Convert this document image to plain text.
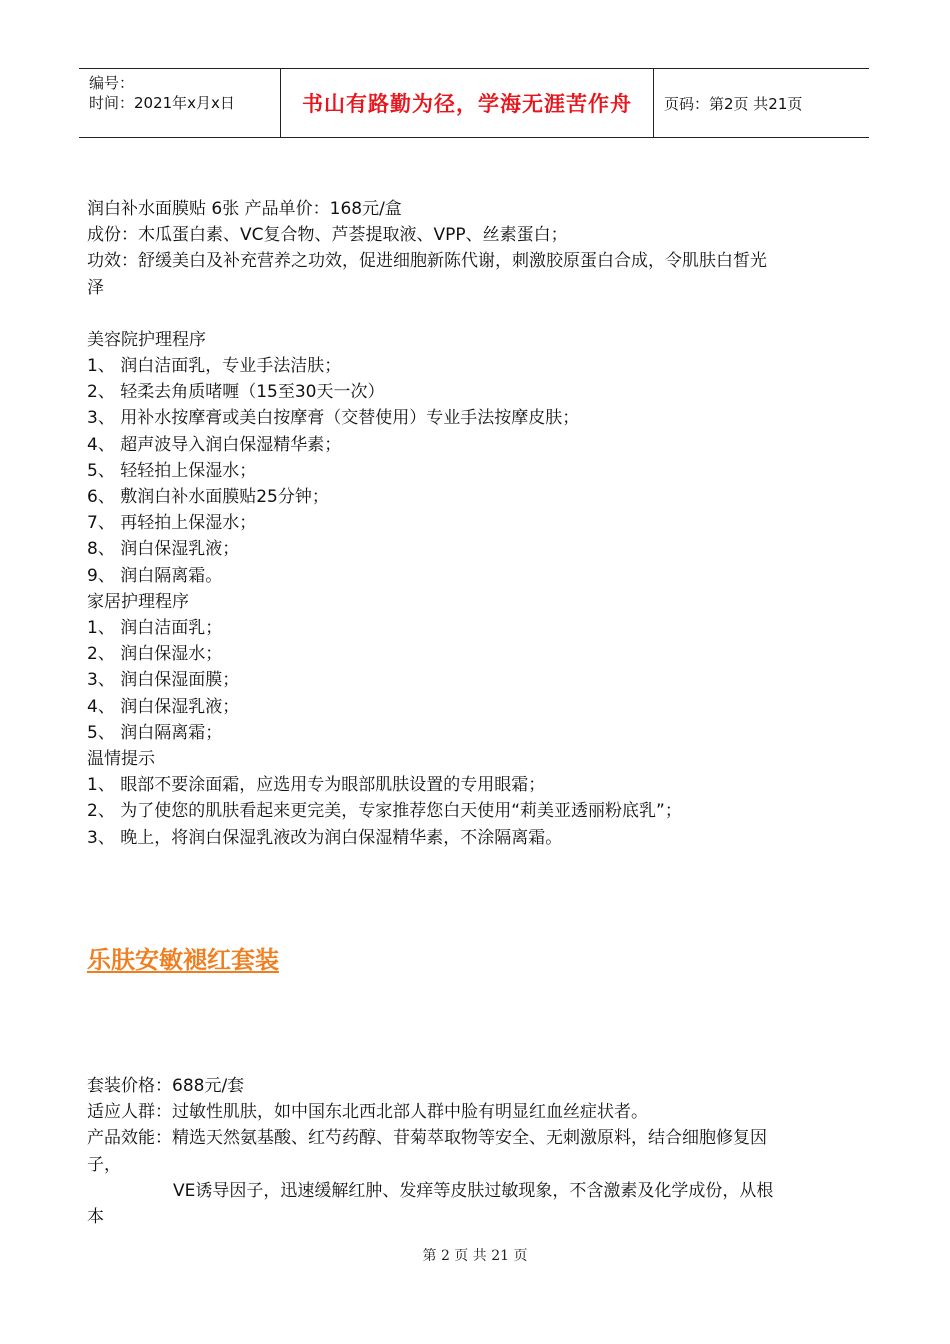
编号：
时间：2021年x月x日	书山有路勤为径，学海无涯苦作舟	页码：第2页 共21页

润白补水面膜贴 6张 产品单价：168元/盒

成份：木瓜蛋白素、VC复合物、芦荟提取液、VPP、丝素蛋白；

功效：舒缓美白及补充营养之功效，促进细胞新陈代谢，刺激胶原蛋白合成，令肌肤白皙光

泽

美容院护理程序

1、 润白洁面乳，专业手法洁肤；

2、 轻柔去角质啫喱（15至30天一次）

3、 用补水按摩膏或美白按摩膏（交替使用）专业手法按摩皮肤；

4、 超声波导入润白保湿精华素；

5、 轻轻拍上保湿水；

6、 敷润白补水面膜贴25分钟；

7、 再轻拍上保湿水；

8、 润白保湿乳液；

9、 润白隔离霜。

家居护理程序

1、 润白洁面乳；

2、 润白保湿水；

3、 润白保湿面膜；

4、 润白保湿乳液；

5、 润白隔离霜；

温情提示

1、 眼部不要涂面霜，应选用专为眼部肌肤设置的专用眼霜；

2、 为了使您的肌肤看起来更完美，专家推荐您白天使用“莉美亚透丽粉底乳”；

3、 晚上，将润白保湿乳液改为润白保湿精华素，不涂隔离霜。

乐肤安敏褪红套装

套装价格：688元/套

适应人群：过敏性肌肤，如中国东北西北部人群中脸有明显红血丝症状者。

产品效能：精选天然氨基酸、红芍药醇、苷菊萃取物等安全、无刺激原料，结合细胞修复因

子，

VE诱导因子，迅速缓解红肿、发痒等皮肤过敏现象，不含激素及化学成份，从根

本

第 2 页 共 21 页
